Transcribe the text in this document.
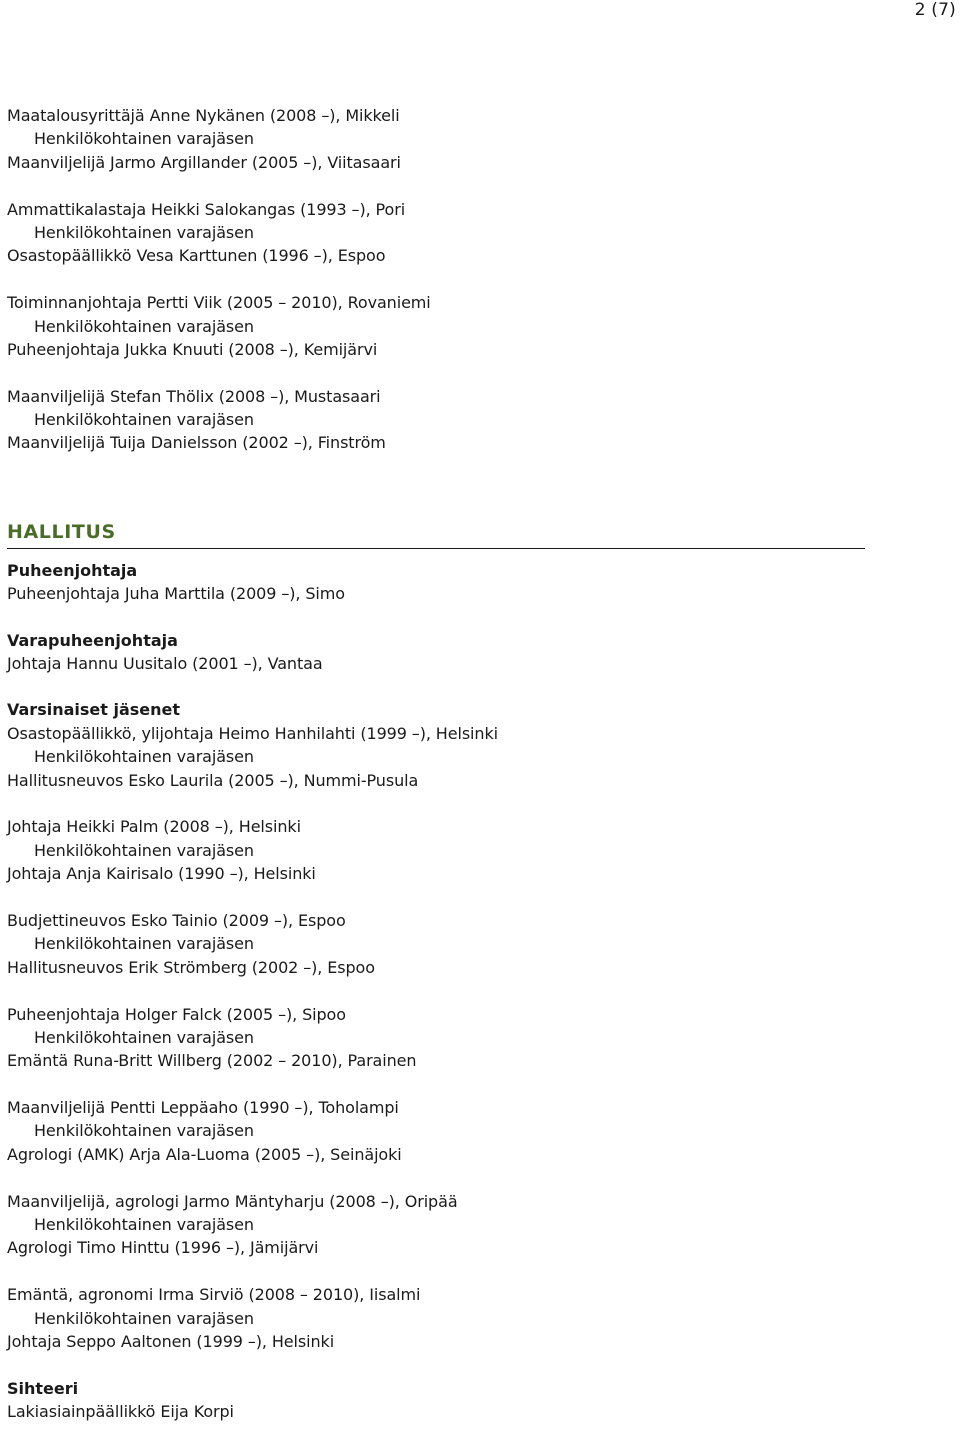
2 (7)
Maatalousyrittäjä Anne Nykänen (2008 –), Mikkeli
Henkilökohtainen varajäsen
Maanviljelijä Jarmo Argillander (2005 –), Viitasaari
Ammattikalastaja Heikki Salokangas (1993 –), Pori
Henkilökohtainen varajäsen
Osastopäällikkö Vesa Karttunen (1996 –), Espoo
Toiminnanjohtaja Pertti Viik (2005 – 2010), Rovaniemi
Henkilökohtainen varajäsen
Puheenjohtaja Jukka Knuuti (2008 –), Kemijärvi
Maanviljelijä Stefan Thölix (2008 –), Mustasaari
Henkilökohtainen varajäsen
Maanviljelijä Tuija Danielsson (2002 –), Finström
HALLITUS
Puheenjohtaja
Puheenjohtaja Juha Marttila (2009 –), Simo
Varapuheenjohtaja
Johtaja Hannu Uusitalo (2001 –), Vantaa
Varsinaiset jäsenet
Osastopäällikkö, ylijohtaja Heimo Hanhilahti (1999 –), Helsinki
Henkilökohtainen varajäsen
Hallitusneuvos Esko Laurila (2005 –), Nummi-Pusula
Johtaja Heikki Palm (2008 –), Helsinki
Henkilökohtainen varajäsen
Johtaja Anja Kairisalo (1990 –), Helsinki
Budjettineuvos Esko Tainio (2009 –), Espoo
Henkilökohtainen varajäsen
Hallitusneuvos Erik Strömberg (2002 –), Espoo
Puheenjohtaja Holger Falck (2005 –), Sipoo
Henkilökohtainen varajäsen
Emäntä Runa-Britt Willberg (2002 – 2010), Parainen
Maanviljelijä Pentti Leppäaho (1990 –), Toholampi
Henkilökohtainen varajäsen
Agrologi (AMK) Arja Ala-Luoma (2005 –), Seinäjoki
Maanviljelijä, agrologi Jarmo Mäntyharju (2008 –), Oripää
Henkilökohtainen varajäsen
Agrologi Timo Hinttu (1996 –), Jämijärvi
Emäntä, agronomi Irma Sirviö (2008 – 2010), Iisalmi
Henkilökohtainen varajäsen
Johtaja Seppo Aaltonen (1999 –), Helsinki
Sihteeri
Lakiasiainpäällikkö Eija Korpi
